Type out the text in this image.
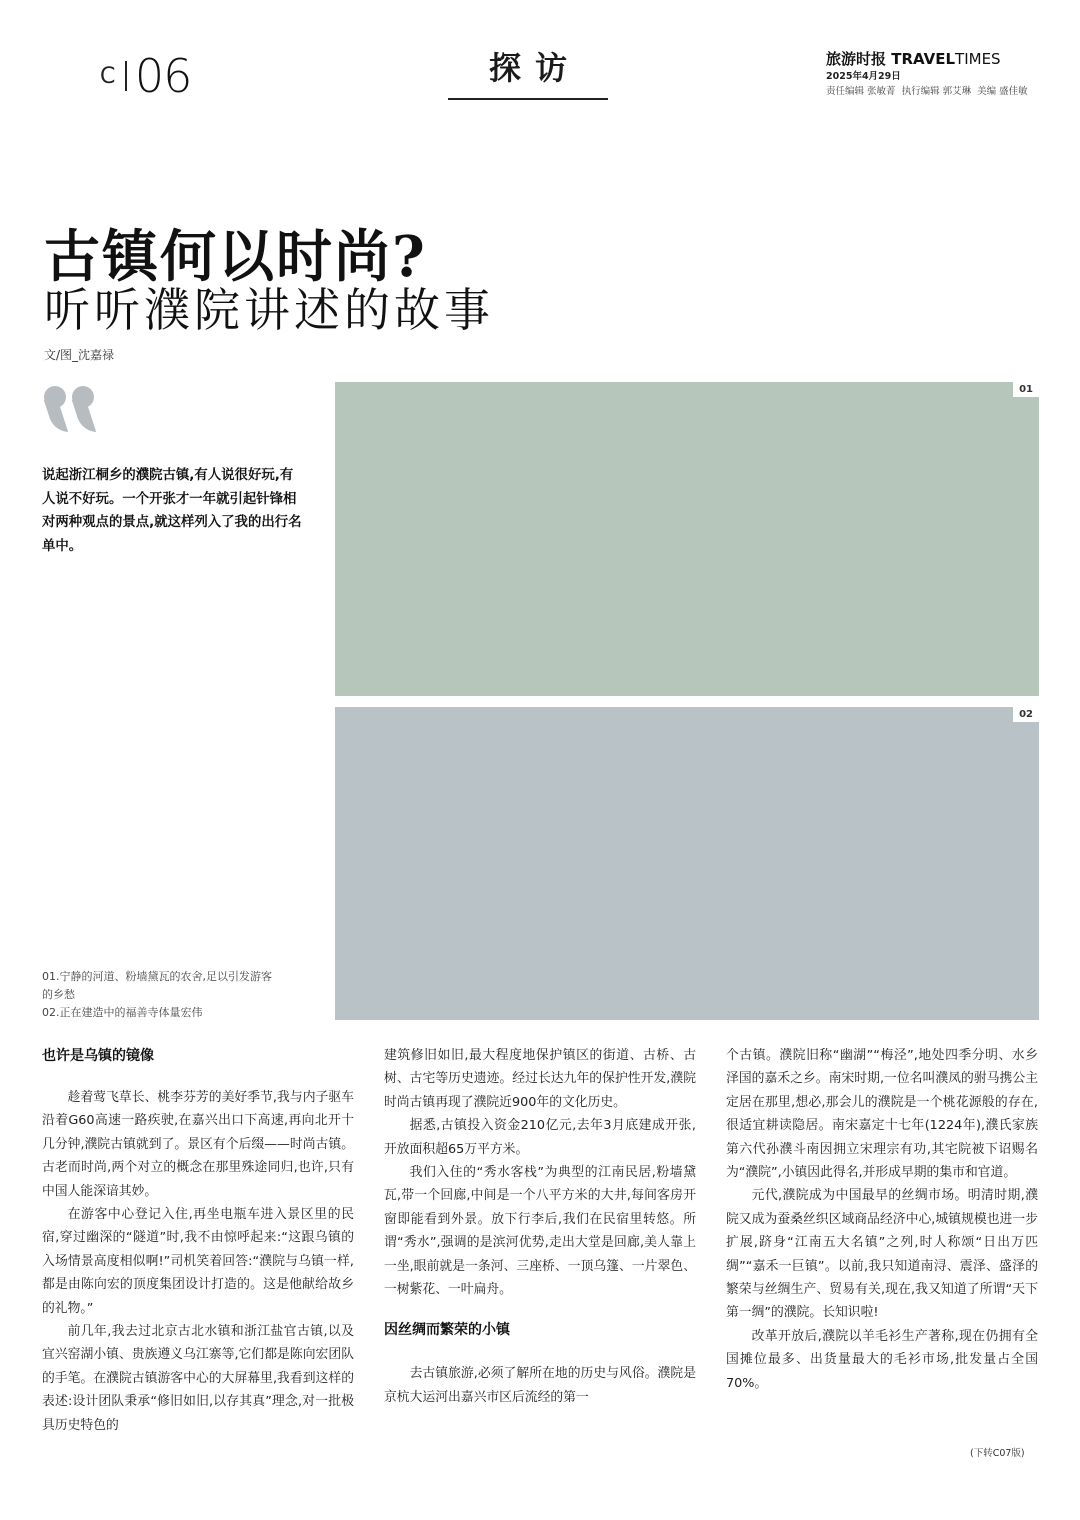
C 06	探访	旅游时报 TRAVELTIMES
2025年4月29日
责任编辑 张敏菁 执行编辑 郭艾琳 美编 盛佳敏
古镇何以时尚?
听听濮院讲述的故事
文/图_沈嘉禄
说起浙江桐乡的濮院古镇,有人说很好玩,有人说不好玩。一个开张才一年就引起针锋相对两种观点的景点,就这样列入了我的出行名单中。
01
02
01.宁静的河道、粉墙黛瓦的农舍,足以引发游客的乡愁
02.正在建造中的福善寺体量宏伟
也许是乌镇的镜像

趁着莺飞草长、桃李芬芳的美好季节,我与内子驱车沿着G60高速一路疾驶,在嘉兴出口下高速,再向北开十几分钟,濮院古镇就到了。景区有个后缀——时尚古镇。古老而时尚,两个对立的概念在那里殊途同归,也许,只有中国人能深谙其妙。

在游客中心登记入住,再坐电瓶车进入景区里的民宿,穿过幽深的“隧道”时,我不由惊呼起来:“这跟乌镇的入场情景高度相似啊!”司机笑着回答:“濮院与乌镇一样,都是由陈向宏的顶度集团设计打造的。这是他献给故乡的礼物。”

前几年,我去过北京古北水镇和浙江盐官古镇,以及宜兴窑湖小镇、贵族遵义乌江寨等,它们都是陈向宏团队的手笔。在濮院古镇游客中心的大屏幕里,我看到这样的表述:设计团队秉承“修旧如旧,以存其真”理念,对一批极具历史特色的

建筑修旧如旧,最大程度地保护镇区的街道、古桥、古树、古宅等历史遗迹。经过长达九年的保护性开发,濮院时尚古镇再现了濮院近900年的文化历史。

据悉,古镇投入资金210亿元,去年3月底建成开张,开放面积超65万平方米。

我们入住的“秀水客栈”为典型的江南民居,粉墙黛瓦,带一个回廊,中间是一个八平方米的大井,每间客房开窗即能看到外景。放下行李后,我们在民宿里转悠。所谓“秀水”,强调的是滨河优势,走出大堂是回廊,美人靠上一坐,眼前就是一条河、三座桥、一顶乌篷、一片翠色、一树紫花、一叶扁舟。

因丝绸而繁荣的小镇

去古镇旅游,必须了解所在地的历史与风俗。濮院是京杭大运河出嘉兴市区后流经的第一

个古镇。濮院旧称“幽湖”“梅泾”,地处四季分明、水乡泽国的嘉禾之乡。南宋时期,一位名叫濮凤的驸马携公主定居在那里,想必,那会儿的濮院是一个桃花源般的存在,很适宜耕读隐居。南宋嘉定十七年(1224年),濮氏家族第六代孙濮斗南因拥立宋理宗有功,其宅院被下诏赐名为“濮院”,小镇因此得名,并形成早期的集市和官道。

元代,濮院成为中国最早的丝绸市场。明清时期,濮院又成为蚕桑丝织区域商品经济中心,城镇规模也进一步扩展,跻身“江南五大名镇”之列,时人称颂“日出万匹绸”“嘉禾一巨镇”。以前,我只知道南浔、震泽、盛泽的繁荣与丝绸生产、贸易有关,现在,我又知道了所谓“天下第一绸”的濮院。长知识啦!

改革开放后,濮院以羊毛衫生产著称,现在仍拥有全国摊位最多、出货量最大的毛衫市场,批发量占全国70%。

(下转C07版)
